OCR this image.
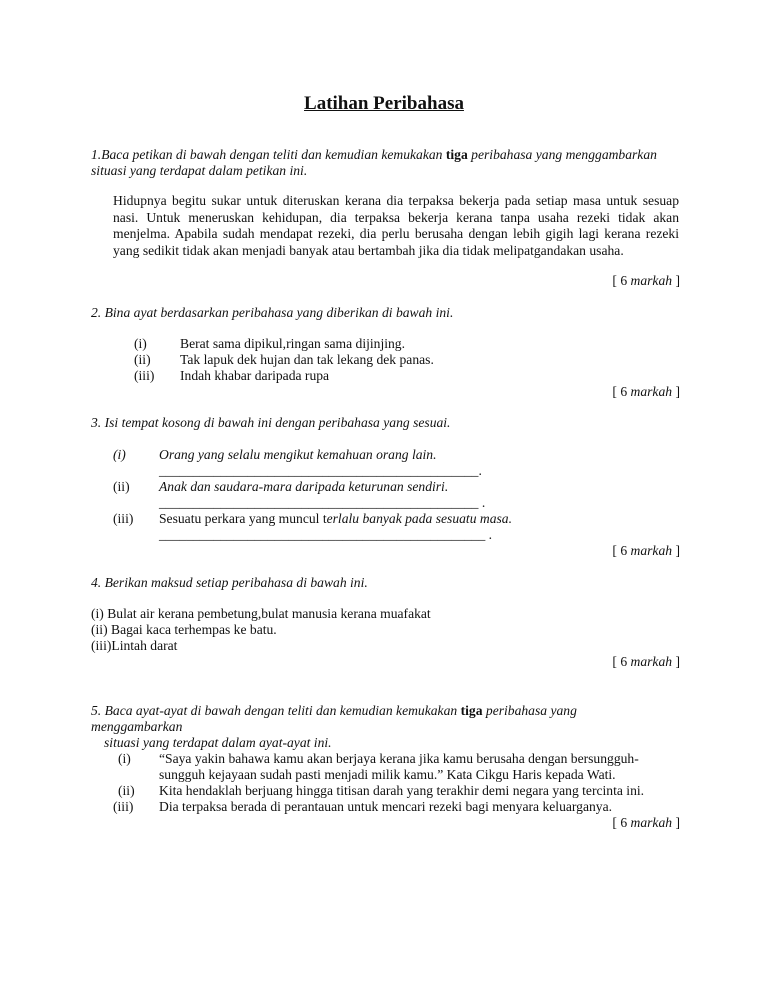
Latihan Peribahasa
1.Baca petikan di bawah dengan teliti dan kemudian kemukakan tiga peribahasa yang menggambarkan
situasi yang terdapat dalam petikan ini.
Hidupnya begitu sukar untuk diteruskan kerana dia terpaksa bekerja pada setiap masa untuk sesuap nasi. Untuk meneruskan kehidupan, dia terpaksa bekerja kerana tanpa usaha rezeki tidak akan menjelma. Apabila sudah mendapat rezeki, dia perlu berusaha dengan lebih gigih lagi kerana rezeki yang sedikit tidak akan menjadi banyak atau bertambah jika dia tidak melipatgandakan usaha.
[ 6 markah ]
2. Bina ayat berdasarkan peribahasa yang diberikan di bawah ini.
(i) Berat sama dipikul,ringan sama dijinjing.
(ii) Tak lapuk dek hujan dan tak lekang dek panas.
(iii) Indah khabar daripada rupa
[ 6 markah ]
3. Isi tempat kosong di bawah ini dengan peribahasa yang sesuai.
(i) Orang yang selalu mengikut kemahuan orang lain.
_______________________________________________.
(ii) Anak dan saudara-mara daripada keturunan sendiri.
_______________________________________________ .
(iii) Sesuatu perkara yang muncul terlalu banyak pada sesuatu masa.
________________________________________________ .
[ 6 markah ]
4. Berikan maksud setiap peribahasa di bawah ini.
(i) Bulat air kerana pembetung,bulat manusia kerana muafakat
(ii) Bagai kaca terhempas ke batu.
(iii)Lintah darat
[ 6 markah ]
5. Baca ayat-ayat di bawah dengan teliti dan kemudian kemukakan tiga peribahasa yang
menggambarkan
situasi yang terdapat dalam ayat-ayat ini.
(i) “Saya yakin bahawa kamu akan berjaya kerana jika kamu berusaha dengan bersungguh-
sungguh kejayaan sudah pasti menjadi milik kamu.” Kata Cikgu Haris kepada Wati.
(ii) Kita hendaklah berjuang hingga titisan darah yang terakhir demi negara yang tercinta ini.
(iii) Dia terpaksa berada di perantauan untuk mencari rezeki bagi menyara keluarganya.
[ 6 markah ]
